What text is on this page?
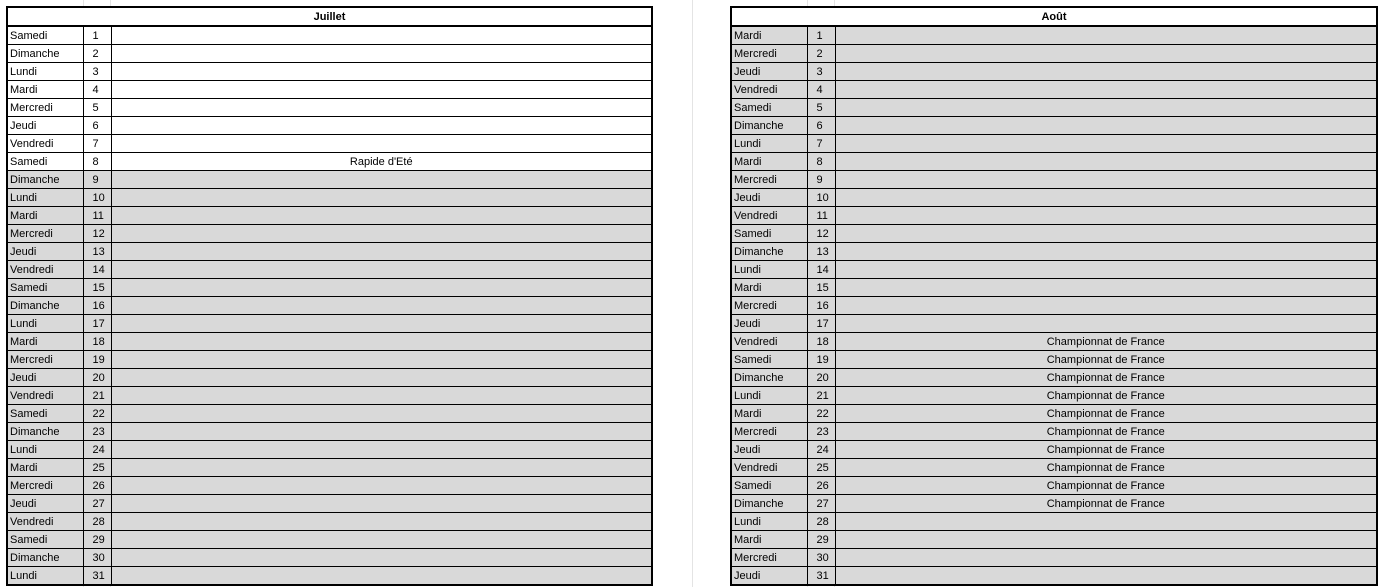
Juillet		
Samedi	1	
Dimanche	2	
Lundi	3	
Mardi	4	
Mercredi	5	
Jeudi	6	
Vendredi	7	
Samedi	8	Rapide d'Eté
Dimanche	9	
Lundi	10	
Mardi	11	
Mercredi	12	
Jeudi	13	
Vendredi	14	
Samedi	15	
Dimanche	16	
Lundi	17	
Mardi	18	
Mercredi	19	
Jeudi	20	
Vendredi	21	
Samedi	22	
Dimanche	23	
Lundi	24	
Mardi	25	
Mercredi	26	
Jeudi	27	
Vendredi	28	
Samedi	29	
Dimanche	30	
Lundi	31	
Août		
Mardi	1	
Mercredi	2	
Jeudi	3	
Vendredi	4	
Samedi	5	
Dimanche	6	
Lundi	7	
Mardi	8	
Mercredi	9	
Jeudi	10	
Vendredi	11	
Samedi	12	
Dimanche	13	
Lundi	14	
Mardi	15	
Mercredi	16	
Jeudi	17	
Vendredi	18	Championnat de France
Samedi	19	Championnat de France
Dimanche	20	Championnat de France
Lundi	21	Championnat de France
Mardi	22	Championnat de France
Mercredi	23	Championnat de France
Jeudi	24	Championnat de France
Vendredi	25	Championnat de France
Samedi	26	Championnat de France
Dimanche	27	Championnat de France
Lundi	28	
Mardi	29	
Mercredi	30	
Jeudi	31	
